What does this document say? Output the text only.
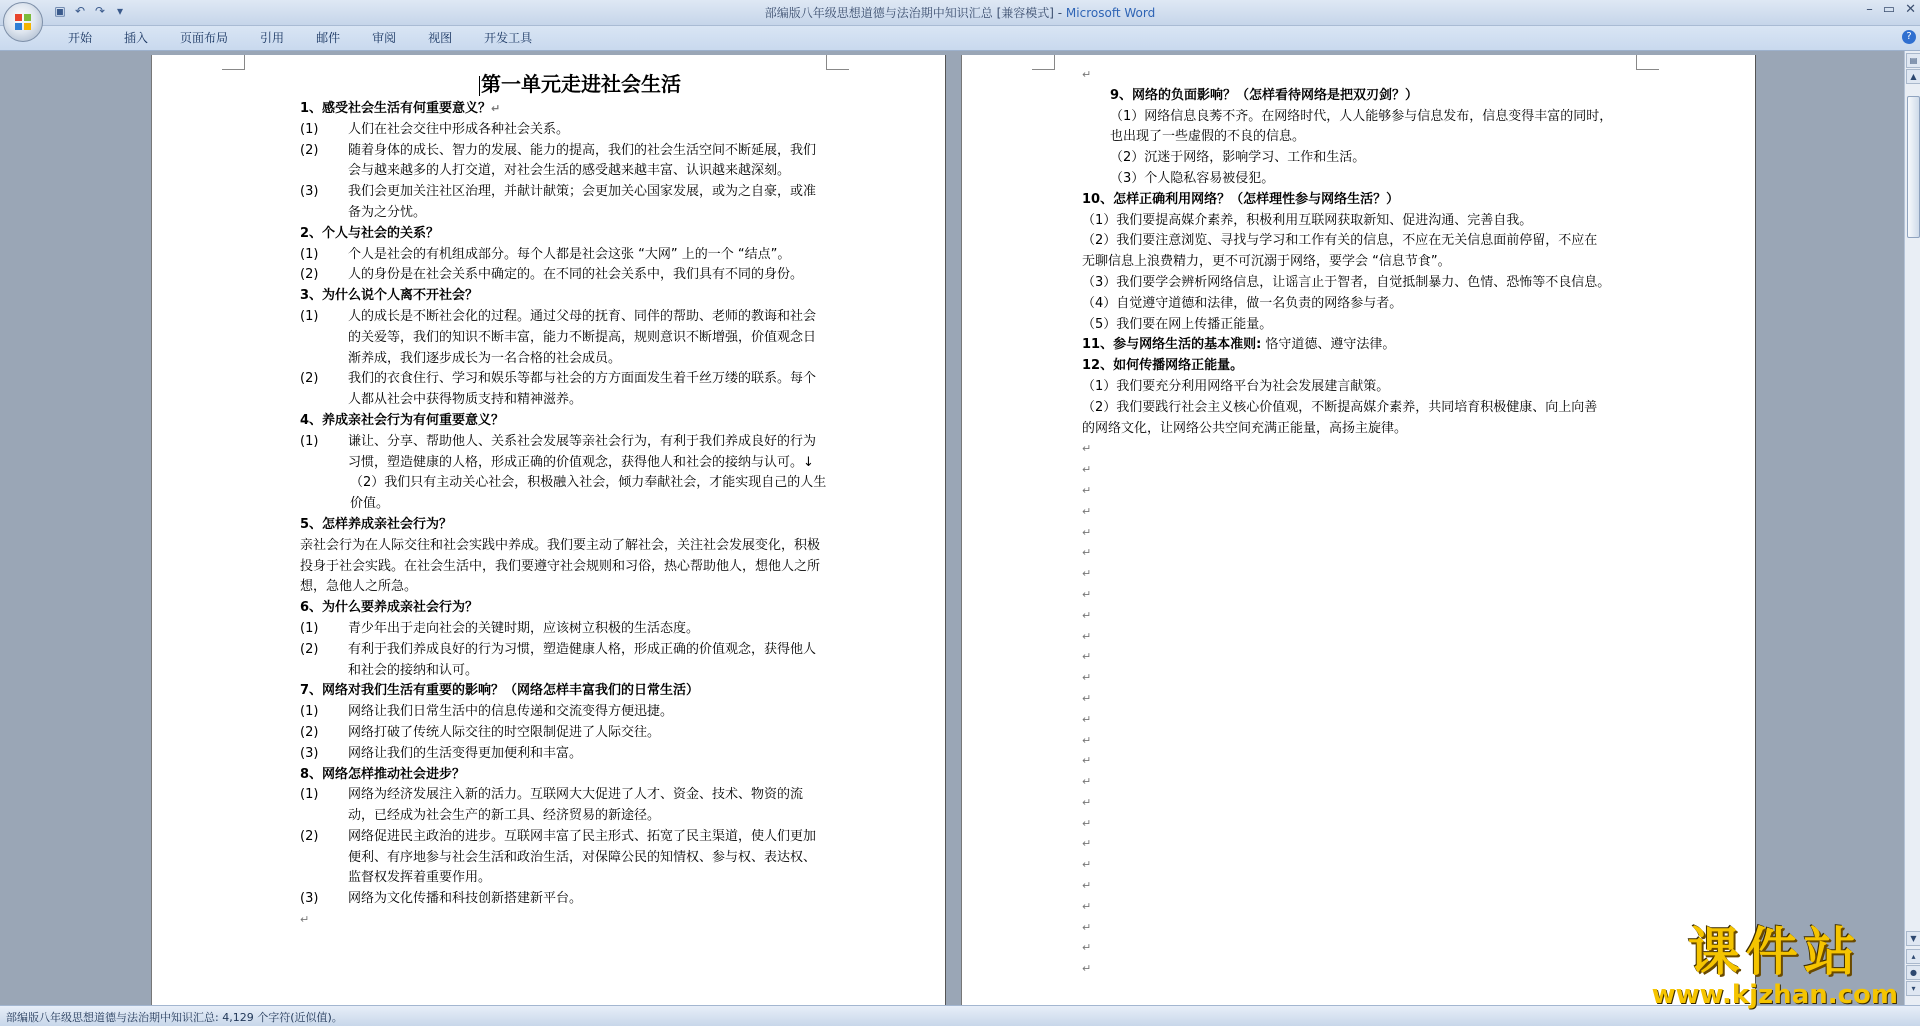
▣ ↶ ↷ ▾	部编版八年级思想道德与法治期中知识汇总 [兼容模式] - Microsoft Word	– ▭ ✕
开始	插入	页面布局	引用	邮件	审阅	视图	开发工具	?

第一单元走进社会生活

1、感受社会生活有何重要意义？↵

(1)	人们在社会交往中形成各种社会关系。
(2)	随着身体的成长、智力的发展、能力的提高，我们的社会生活空间不断延展，我们会与越来越多的人打交道，对社会生活的感受越来越丰富、认识越来越深刻。
(3)	我们会更加关注社区治理，并献计献策；会更加关心国家发展，或为之自豪，或准备为之分忧。

2、个人与社会的关系？

(1)	个人是社会的有机组成部分。每个人都是社会这张 “大网” 上的一个 “结点”。
(2)	人的身份是在社会关系中确定的。在不同的社会关系中，我们具有不同的身份。

3、为什么说个人离不开社会？

(1)	人的成长是不断社会化的过程。通过父母的抚育、同伴的帮助、老师的教诲和社会的关爱等，我们的知识不断丰富，能力不断提高，规则意识不断增强，价值观念日渐养成，我们逐步成长为一名合格的社会成员。
(2)	我们的衣食住行、学习和娱乐等都与社会的方方面面发生着千丝万缕的联系。每个人都从社会中获得物质支持和精神滋养。

4、养成亲社会行为有何重要意义？

(1)	谦让、分享、帮助他人、关系社会发展等亲社会行为，有利于我们养成良好的行为习惯，塑造健康的人格，形成正确的价值观念，获得他人和社会的接纳与认可。↓

（2）我们只有主动关心社会，积极融入社会，倾力奉献社会，才能实现自己的人生价值。

5、怎样养成亲社会行为？

亲社会行为在人际交往和社会实践中养成。我们要主动了解社会，关注社会发展变化，积极投身于社会实践。在社会生活中，我们要遵守社会规则和习俗，热心帮助他人，想他人之所想，急他人之所急。

6、为什么要养成亲社会行为？

(1)	青少年出于走向社会的关键时期，应该树立积极的生活态度。
(2)	有利于我们养成良好的行为习惯，塑造健康人格，形成正确的价值观念，获得他人和社会的接纳和认可。

7、网络对我们生活有重要的影响？（网络怎样丰富我们的日常生活）

(1)	网络让我们日常生活中的信息传递和交流变得方便迅捷。
(2)	网络打破了传统人际交往的时空限制促进了人际交往。
(3)	网络让我们的生活变得更加便利和丰富。

8、网络怎样推动社会进步？

(1)	网络为经济发展注入新的活力。互联网大大促进了人才、资金、技术、物资的流动，已经成为社会生产的新工具、经济贸易的新途径。
(2)	网络促进民主政治的进步。互联网丰富了民主形式、拓宽了民主渠道，使人们更加便利、有序地参与社会生活和政治生活，对保障公民的知情权、参与权、表达权、监督权发挥着重要作用。
(3)	网络为文化传播和科技创新搭建新平台。

↵

↵

9、网络的负面影响？（怎样看待网络是把双刃剑？）

（1）网络信息良莠不齐。在网络时代，人人能够参与信息发布，信息变得丰富的同时，

也出现了一些虚假的不良的信息。

（2）沉迷于网络，影响学习、工作和生活。

（3）个人隐私容易被侵犯。

10、怎样正确利用网络？（怎样理性参与网络生活？）

（1）我们要提高媒介素养，积极利用互联网获取新知、促进沟通、完善自我。

（2）我们要注意浏览、寻找与学习和工作有关的信息，不应在无关信息面前停留，不应在

无聊信息上浪费精力，更不可沉溺于网络，要学会 “信息节食”。

（3）我们要学会辨析网络信息，让谣言止于智者，自觉抵制暴力、色情、恐怖等不良信息。

（4）自觉遵守道德和法律，做一名负责的网络参与者。

（5）我们要在网上传播正能量。

11、参与网络生活的基本准则: 恪守道德、遵守法律。

12、如何传播网络正能量。

（1）我们要充分利用网络平台为社会发展建言献策。

（2）我们要践行社会主义核心价值观，不断提高媒介素养，共同培育积极健康、向上向善

的网络文化，让网络公共空间充满正能量，高扬主旋律。

↵

↵

↵

↵

↵

↵

↵

↵

↵

↵

↵

↵

↵

↵

↵

↵

↵

↵

↵

↵

↵

↵

↵

↵

↵

↵

▤
▲
▼
▴
●
▾
部编版八年级思想道德与法治期中知识汇总: 4,129 个字符(近似值)。
课件站
www.kjzhan.com
